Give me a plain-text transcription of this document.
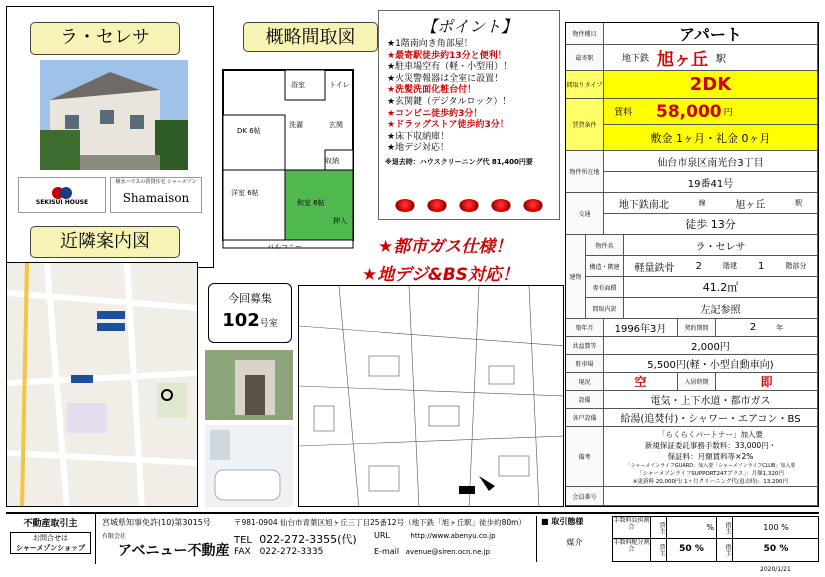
ラ・セレサ
SEKISUI HOUSE
積水ハウスの賃貸住宅 シャーメゾン
Shamaison
近隣案内図
概略間取図
DK 6帖
洋室 6帖
和室 6帖
押入
収納
バルコニー
浴室	トイレ
洗濯	玄関
今回募集
102号室
【ポイント】
★1階南向き角部屋！
★最寄駅徒歩約13分と便利！
★駐車場空有（軽・小型用）！
★火災警報器は全室に設置！
★洗髪洗面化粧台付！
★玄関鍵（デジタルロック）！
★コンビニ徒歩約3分！
★ドラッグストア徒歩約3分！
★床下収納庫！
★地デジ対応！
※退去時：ハウスクリーニング代 81,400円要
★都市ガス仕様！
★地デジ&BS対応！
物件種目	アパート
最寄駅	地下鉄 旭ヶ丘 駅
間取りタイプ	2DK
賃貸条件
賃料 58,000 円
敷金 1ヶ月・礼金 0ヶ月
物件所在地
仙台市泉区南光台3丁目
19番41号
交通
地下鉄南北	線	旭ヶ丘	駅
徒歩 13分
建物
物件名	ラ・セレサ
構造・階建	軽量鉄骨 2	階建 1	階部分
専有面積	41.2㎡
間取内訳	左記参照
築年月	1996年3月	契約期間	2	年
共益費等	2,000円
駐車場	5,500円(軽・小型自動車向)
現況	空	入居時期	即
設備	電気・上下水道・都市ガス
各戸設備	給湯(追焚付)・シャワー・エアコン・BS
備考
「らくらくパートナー」加入要
新規保証委託事務手数料：33,000円・
保証料：月額賃料等×2%
「シャーメゾンライフGUARD」加入要「シャーメゾンライフCLUB」加入要
「シャーメゾンライフSUPPORT247プラス」：月額1,320円
※更新料 20,000円/ 1ヶ月クリーニング代(退去時)：13,200円
会員番号
不動産取引主
お問合せは
シャーメゾンショップ
宮城県知事免許(10)第3015号
有限会社
アベニュー不動産
〒981-0904 仙台市青葉区旭ヶ丘三丁目25番12号（地下鉄「旭ヶ丘駅」徒歩約80m）
TEL 022-272-3355(代)
FAX 022-272-3335
URL	http://www.abenyu.co.jp
E-mail avenue@siren.ocn.ne.jp
■ 取引態様
媒介
手数料負担割合	貸主	%	借主	100 %
手数料配分割合	貸主	50 %	借主	50 %
2020/1/21
